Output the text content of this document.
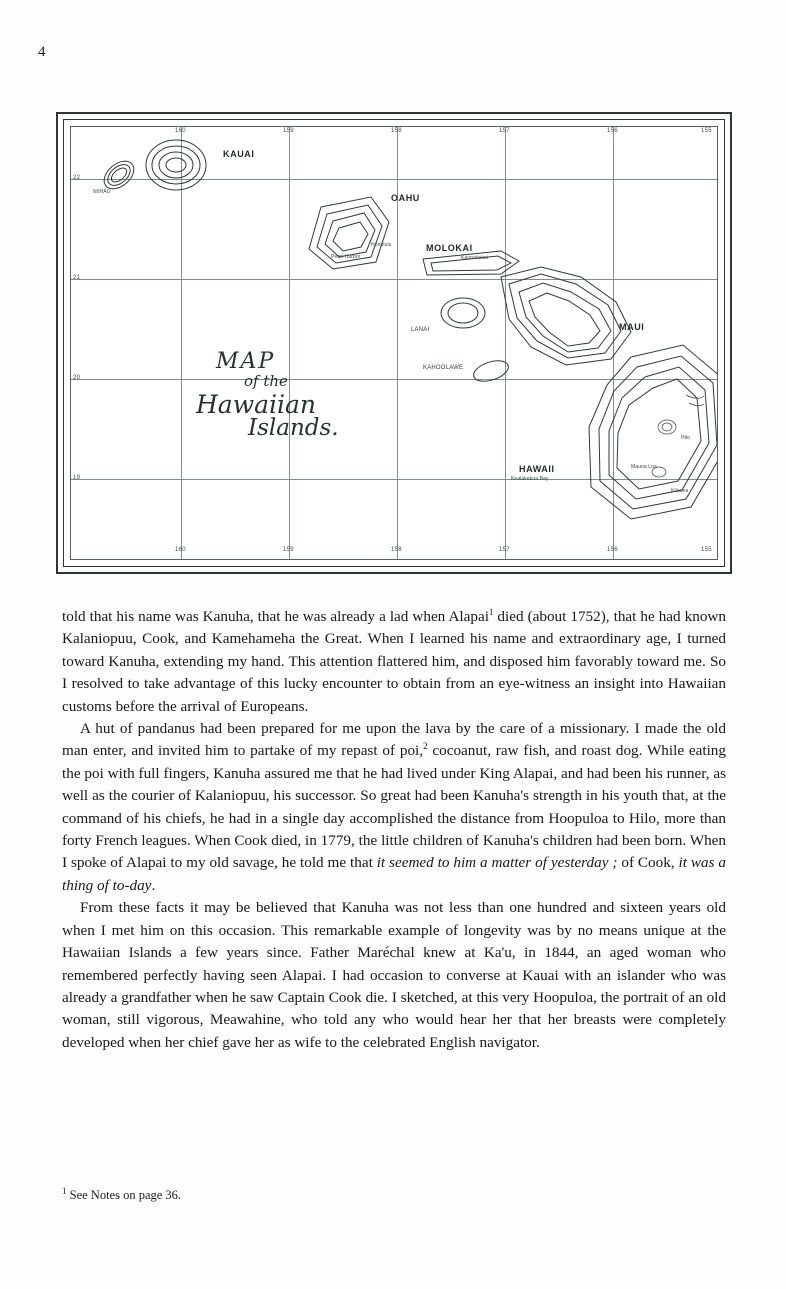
4
160	159	158	157	156	155
160	159	158	157	156	155
22
21
20
19
KAUAI
NIIHAU
OAHU
MOLOKAI
LANAI
KAHOOLAWE
MAUI
HAWAII
Pearl Harbor
Honolulu
Kaunakakai
Kealakekua Bay
Mauna Loa
Hilo
Kilauea
MAP
of the
Hawaiian
Islands.

told that his name was Kanuha, that he was already a lad when Alapai$^1$ died (about 1752), that he had known Kalaniopuu, Cook, and Kamehameha the Great. When I learned his name and extraordinary age, I turned toward Kanuha, extending my hand. This attention flattered him, and disposed him favorably toward me. So I resolved to take advantage of this lucky encounter to obtain from an eye-witness an insight into Hawaiian customs before the arrival of Europeans.

A hut of pandanus had been prepared for me upon the lava by the care of a missionary. I made the old man enter, and invited him to partake of my repast of poi,$^2$ cocoanut, raw fish, and roast dog. While eating the poi with full fingers, Kanuha assured me that he had lived under King Alapai, and had been his runner, as well as the courier of Kalaniopuu, his successor. So great had been Kanuha's strength in his youth that, at the command of his chiefs, he had in a single day accomplished the distance from Hoopuloa to Hilo, more than forty French leagues. When Cook died, in 1779, the little children of Kanuha's children had been born. When I spoke of Alapai to my old savage, he told me that it seemed to him a matter of yesterday ; of Cook, it was a thing of to-day.

From these facts it may be believed that Kanuha was not less than one hundred and sixteen years old when I met him on this occasion. This remarkable example of longevity was by no means unique at the Hawaiian Islands a few years since. Father Maréchal knew at Ka'u, in 1844, an aged woman who remembered perfectly having seen Alapai. I had occasion to converse at Kauai with an islander who was already a grandfather when he saw Captain Cook die. I sketched, at this very Hoopuloa, the portrait of an old woman, still vigorous, Meawahine, who told any who would hear her that her breasts were completely developed when her chief gave her as wife to the celebrated English navigator.

$^1$ See Notes on page 36.
